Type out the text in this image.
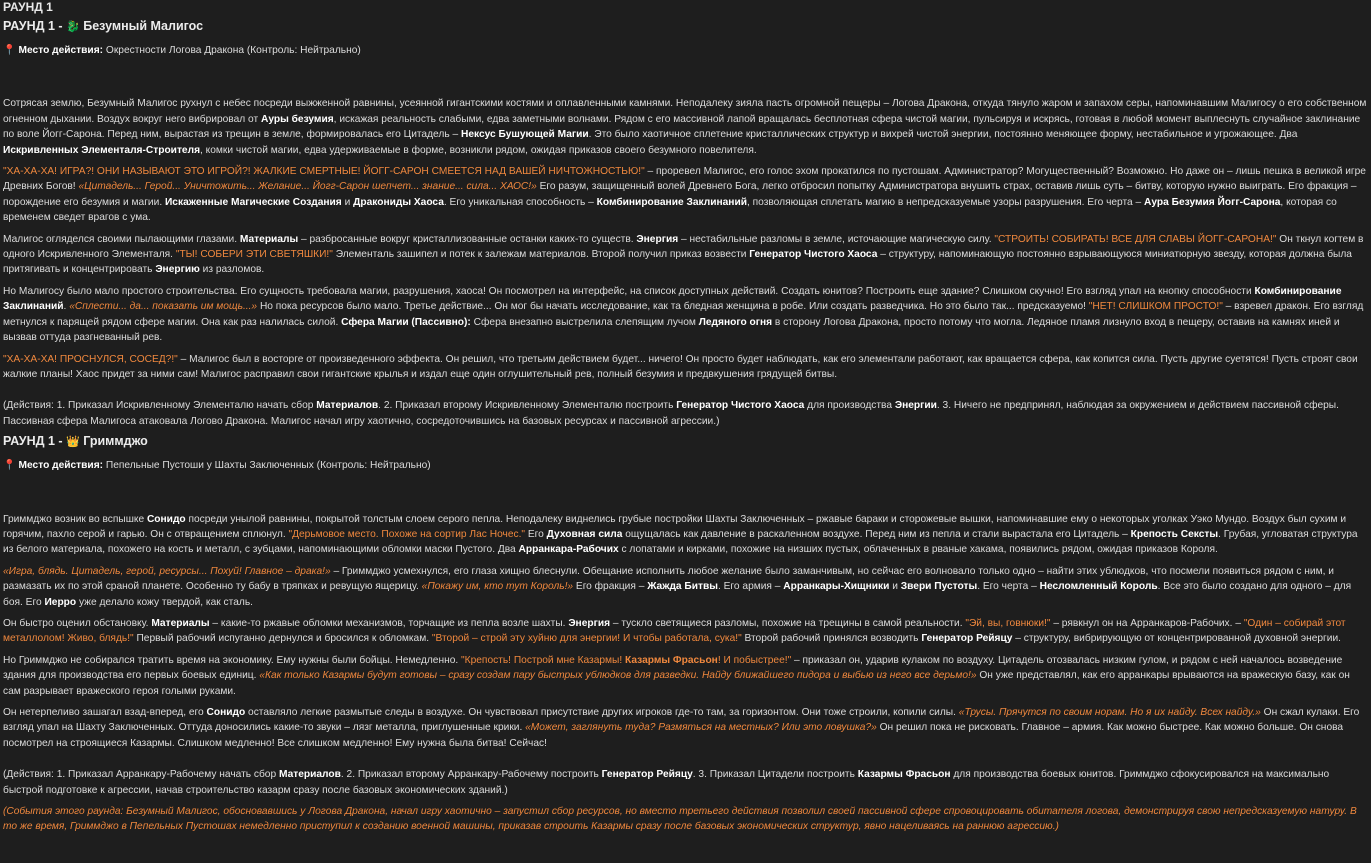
РАУНД 1
РАУНД 1 - 🐉 Безумный Малигос
📍 Место действия: Окрестности Логова Дракона (Контроль: Нейтрально)

Сотрясая землю, Безумный Малигос рухнул с небес посреди выжженной равнины, усеянной гигантскими костями и оплавленными камнями. Неподалеку зияла пасть огромной пещеры – Логова Дракона, откуда тянуло жаром и запахом серы, напоминавшим Малигосу о его собственном огненном дыхании. Воздух вокруг него вибрировал от Ауры безумия, искажая реальность слабыми, едва заметными волнами. Рядом с его массивной лапой вращалась бесплотная сфера чистой магии, пульсируя и искрясь, готовая в любой момент выплеснуть случайное заклинание по воле Йогг-Сарона. Перед ним, вырастая из трещин в земле, формировалась его Цитадель – Нексус Бушующей Магии. Это было хаотичное сплетение кристаллических структур и вихрей чистой энергии, постоянно меняющее форму, нестабильное и угрожающее. Два Искривленных Элементаля-Строителя, комки чистой магии, едва удерживаемые в форме, возникли рядом, ожидая приказов своего безумного повелителя.

"ХА-ХА-ХА! ИГРА?! ОНИ НАЗЫВАЮТ ЭТО ИГРОЙ?! ЖАЛКИЕ СМЕРТНЫЕ! ЙОГГ-САРОН СМЕЕТСЯ НАД ВАШЕЙ НИЧТОЖНОСТЬЮ!" – проревел Малигос, его голос эхом прокатился по пустошам. Администратор? Могущественный? Возможно. Но даже он – лишь пешка в великой игре Древних Богов! «Цитадель... Герой... Уничтожить... Желание... Йогг-Сарон шепчет... знание... сила... ХАОС!» Его разум, защищенный волей Древнего Бога, легко отбросил попытку Администратора внушить страх, оставив лишь суть – битву, которую нужно выиграть. Его фракция – порождение его безумия и магии. Искаженные Магические Создания и Дракониды Хаоса. Его уникальная способность – Комбинирование Заклинаний, позволяющая сплетать магию в непредсказуемые узоры разрушения. Его черта – Аура Безумия Йогг-Сарона, которая со временем сведет врагов с ума.

Малигос огляделся своими пылающими глазами. Материалы – разбросанные вокруг кристаллизованные останки каких-то существ. Энергия – нестабильные разломы в земле, источающие магическую силу. "СТРОИТЬ! СОБИРАТЬ! ВСЕ ДЛЯ СЛАВЫ ЙОГГ-САРОНА!" Он ткнул когтем в одного Искривленного Элементаля. "ТЫ! СОБЕРИ ЭТИ СВЕТЯШКИ!" Элементаль зашипел и потек к залежам материалов. Второй получил приказ возвести Генератор Чистого Хаоса – структуру, напоминающую постоянно взрывающуюся миниатюрную звезду, которая должна была притягивать и концентрировать Энергию из разломов.

Но Малигосу было мало простого строительства. Его сущность требовала магии, разрушения, хаоса! Он посмотрел на интерфейс, на список доступных действий. Создать юнитов? Построить еще здание? Слишком скучно! Его взгляд упал на кнопку способности Комбинирование Заклинаний. «Сплести... да... показать им мощь...» Но пока ресурсов было мало. Третье действие... Он мог бы начать исследование, как та бледная женщина в робе. Или создать разведчика. Но это было так... предсказуемо! "НЕТ! СЛИШКОМ ПРОСТО!" – взревел дракон. Его взгляд метнулся к парящей рядом сфере магии. Она как раз налилась силой. Сфера Магии (Пассивно): Сфера внезапно выстрелила слепящим лучом Ледяного огня в сторону Логова Дракона, просто потому что могла. Ледяное пламя лизнуло вход в пещеру, оставив на камнях иней и вызвав оттуда разгневанный рев.

"ХА-ХА-ХА! ПРОСНУЛСЯ, СОСЕД?!" – Малигос был в восторге от произведенного эффекта. Он решил, что третьим действием будет... ничего! Он просто будет наблюдать, как его элементали работают, как вращается сфера, как копится сила. Пусть другие суетятся! Пусть строят свои жалкие планы! Хаос придет за ними сам! Малигос расправил свои гигантские крылья и издал еще один оглушительный рев, полный безумия и предвкушения грядущей битвы.

(Действия: 1. Приказал Искривленному Элементалю начать сбор Материалов. 2. Приказал второму Искривленному Элементалю построить Генератор Чистого Хаоса для производства Энергии. 3. Ничего не предпринял, наблюдая за окружением и действием пассивной сферы. Пассивная сфера Малигоса атаковала Логово Дракона. Малигос начал игру хаотично, сосредоточившись на базовых ресурсах и пассивной агрессии.)

РАУНД 1 - 👑 Гриммджо
📍 Место действия: Пепельные Пустоши у Шахты Заключенных (Контроль: Нейтрально)

Гриммджо возник во вспышке Сонидо посреди унылой равнины, покрытой толстым слоем серого пепла. Неподалеку виднелись грубые постройки Шахты Заключенных – ржавые бараки и сторожевые вышки, напоминавшие ему о некоторых уголках Уэко Мундо. Воздух был сухим и горячим, пахло серой и гарью. Он с отвращением сплюнул. "Дерьмовое место. Похоже на сортир Лас Ночес." Его Духовная сила ощущалась как давление в раскаленном воздухе. Перед ним из пепла и стали вырастала его Цитадель – Крепость Сексты. Грубая, угловатая структура из белого материала, похожего на кость и металл, с зубцами, напоминающими обломки маски Пустого. Два Арранкара-Рабочих с лопатами и кирками, похожие на низших пустых, облаченных в рваные хакама, появились рядом, ожидая приказов Короля.

«Игра, блядь. Цитадель, герой, ресурсы... Похуй! Главное – драка!» – Гриммджо усмехнулся, его глаза хищно блеснули. Обещание исполнить любое желание было заманчивым, но сейчас его волновало только одно – найти этих ублюдков, что посмели появиться рядом с ним, и размазать их по этой сраной планете. Особенно ту бабу в тряпках и ревущую ящерицу. «Покажу им, кто тут Король!» Его фракция – Жажда Битвы. Его армия – Арранкары-Хищники и Звери Пустоты. Его черта – Несломленный Король. Все это было создано для одного – для боя. Его Иерро уже делало кожу твердой, как сталь.

Он быстро оценил обстановку. Материалы – какие-то ржавые обломки механизмов, торчащие из пепла возле шахты. Энергия – тускло светящиеся разломы, похожие на трещины в самой реальности. "Эй, вы, говнюки!" – рявкнул он на Арранкаров-Рабочих. – "Один – собирай этот металлолом! Живо, блядь!" Первый рабочий испуганно дернулся и бросился к обломкам. "Второй – строй эту хуйню для энергии! И чтобы работала, сука!" Второй рабочий принялся возводить Генератор Рейяцу – структуру, вибрирующую от концентрированной духовной энергии.

Но Гриммджо не собирался тратить время на экономику. Ему нужны были бойцы. Немедленно. "Крепость! Построй мне Казармы! Казармы Фрасьон! И побыстрее!" – приказал он, ударив кулаком по воздуху. Цитадель отозвалась низким гулом, и рядом с ней началось возведение здания для производства его первых боевых единиц. «Как только Казармы будут готовы – сразу создам пару быстрых ублюдков для разведки. Найду ближайшего пидора и выбью из него все дерьмо!» Он уже представлял, как его арранкары врываются на вражескую базу, как он сам разрывает вражеского героя голыми руками.

Он нетерпеливо зашагал взад-вперед, его Сонидо оставляло легкие размытые следы в воздухе. Он чувствовал присутствие других игроков где-то там, за горизонтом. Они тоже строили, копили силы. «Трусы. Прячутся по своим норам. Но я их найду. Всех найду.» Он сжал кулаки. Его взгляд упал на Шахту Заключенных. Оттуда доносились какие-то звуки – лязг металла, приглушенные крики. «Может, заглянуть туда? Размяться на местных? Или это ловушка?» Он решил пока не рисковать. Главное – армия. Как можно быстрее. Как можно больше. Он снова посмотрел на строящиеся Казармы. Слишком медленно! Все слишком медленно! Ему нужна была битва! Сейчас!

(Действия: 1. Приказал Арранкару-Рабочему начать сбор Материалов. 2. Приказал второму Арранкару-Рабочему построить Генератор Рейяцу. 3. Приказал Цитадели построить Казармы Фрасьон для производства боевых юнитов. Гриммджо сфокусировался на максимально быстрой подготовке к агрессии, начав строительство казарм сразу после базовых экономических зданий.)

(События этого раунда: Безумный Малигос, обосновавшись у Логова Дракона, начал игру хаотично – запустил сбор ресурсов, но вместо третьего действия позволил своей пассивной сфере спровоцировать обитателя логова, демонстрируя свою непредсказуемую натуру. В то же время, Гриммджо в Пепельных Пустошах немедленно приступил к созданию военной машины, приказав строить Казармы сразу после базовых экономических структур, явно нацеливаясь на раннюю агрессию.)
